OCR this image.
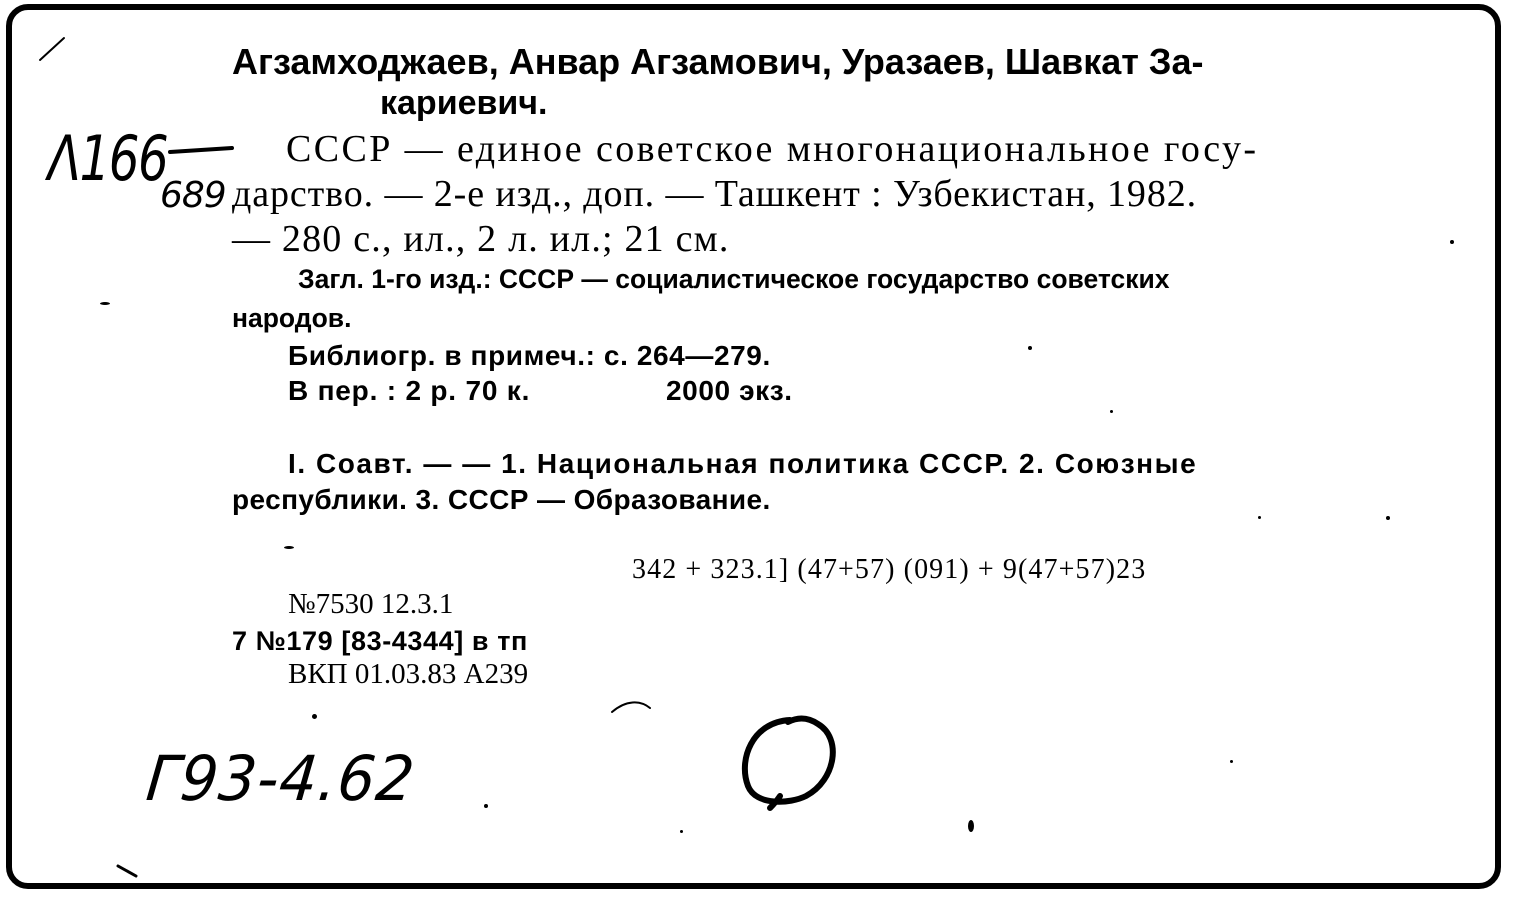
Агзамходжаев, Анвар Агзамович, Уразаев, Шавкат За-
кариевич.
СССР — единое советское многонациональное госу-
дарство. — 2-е изд., доп. — Ташкент : Узбекистан, 1982.
— 280 с., ил., 2 л. ил.; 21 см.
Загл. 1-го изд.: СССР — социалистическое государство советских
народов.
Библиогр. в примеч.: с. 264—279.
В пер. : 2 р. 70 к.	2000 экз.
I. Соавт. — — 1. Национальная политика СССР. 2. Союзные
республики. 3. СССР — Образование.
342 + 323.1] (47+57) (091) + 9(47+57)23
№7530 12.3.1
7 №179 [83-4344] в тп
ВКП 01.03.83 А239
Λ166
689
Г93-4.62
